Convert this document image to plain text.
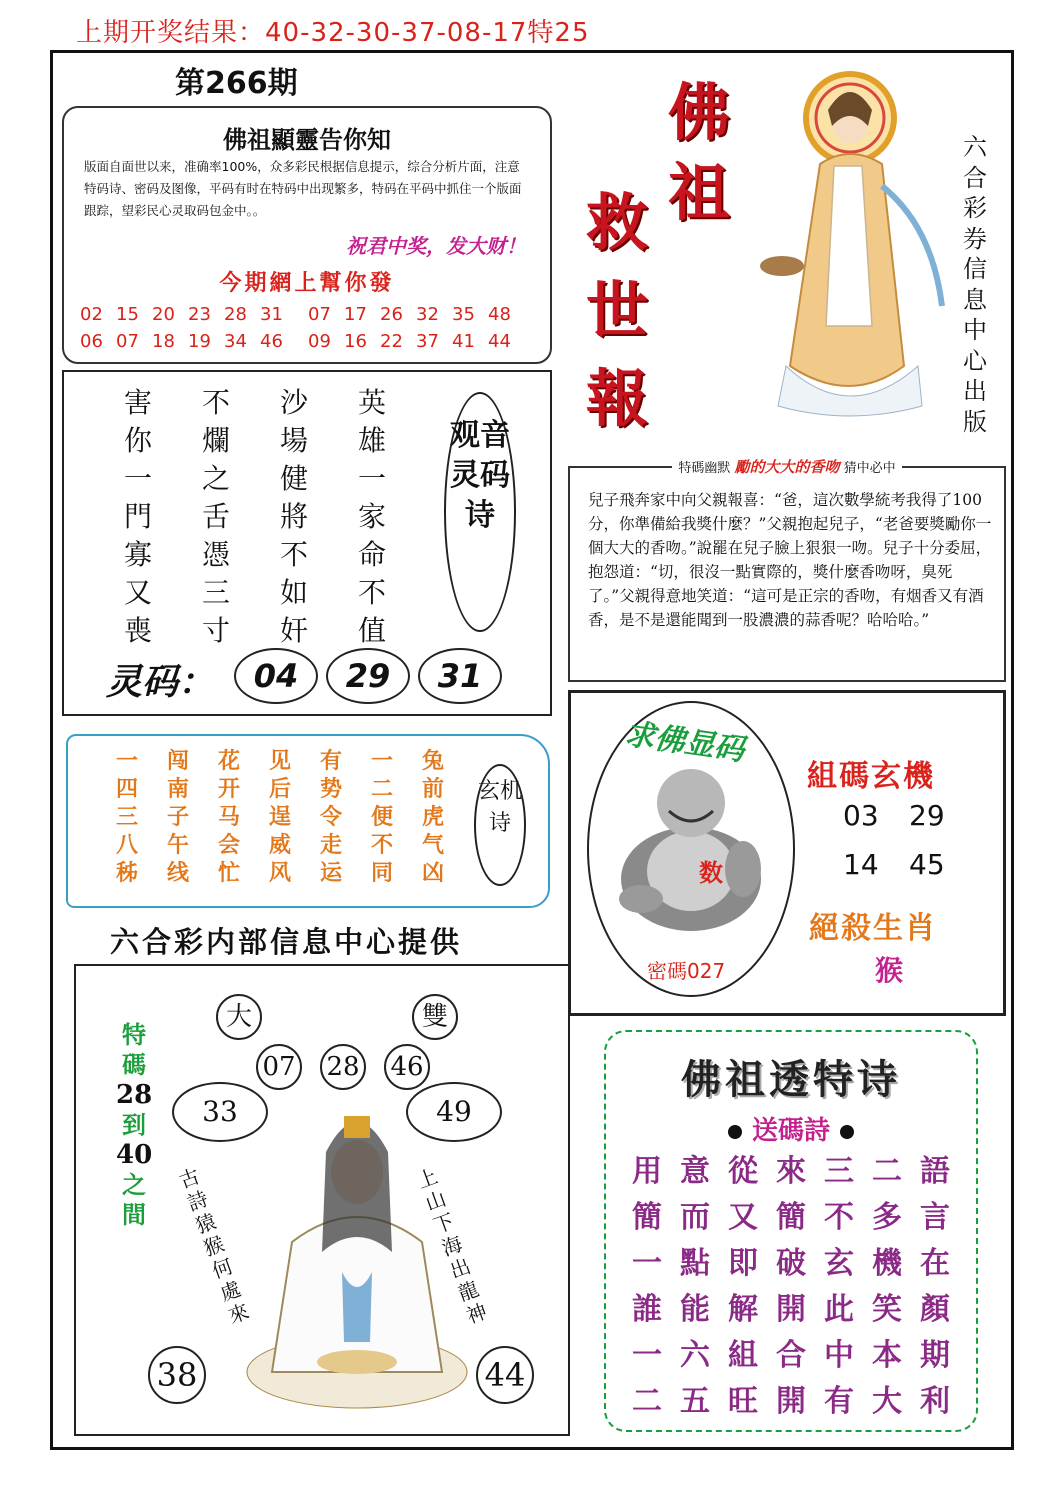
上期开奖结果：40-32-30-37-08-17特25
第266期
佛祖顯靈告你知
版面自面世以来，准确率100%，众多彩民根据信息提示，综合分析片面，注意特码诗、密码及图像，平码有时在特码中出现繁多，特码在平码中抓住一个版面跟踪，望彩民心灵取码包金中。。
祝君中奖，发大财！
今期網上幫你發
02 15 20 23 28 31	07 17 26 32 35 48
06 07 18 19 34 46	09 16 22 37 41 44
佛
祖
救
世
報
六合彩券信息中心出版
害	不	沙	英
你	爛	場	雄
一	之	健	一
門	舌	將	家
寡	憑	不	命
又	三	如	不
喪	寸	奸	值
观音灵码诗
灵码：	04	29	31
特碼幽默 勵的大大的香吻 猜中必中
兒子飛奔家中向父親報喜：“爸，這次數學統考我得了100分，你準備給我獎什麼？”父親抱起兒子，“老爸要獎勵你一個大大的香吻。”說罷在兒子臉上狠狠一吻。兒子十分委屈，抱怨道：“切，很沒一點實際的，獎什麼香吻呀，臭死了。”父親得意地笑道：“這可是正宗的香吻，有烟香又有酒香，是不是還能聞到一股濃濃的蒜香呢？哈哈哈。”
一	闯	花	见	有	一	兔
四	南	开	后	势	二	前
三	子	马	逞	令	便	虎
八	午	会	威	走	不	气
秭	线	忙	风	运	同	凶
玄机诗
六合彩内部信息中心提供
求佛显码
数
密碼027
組碼玄機
03	29
14	45
絕殺生肖
猴
大	雙
07 28 46
33	49
特
碼
28
到
40
之
間
古詩猿猴何處來
上山下海出龍神
38	44
佛祖透特诗
送碼詩
用 意 從 來 三 二 語
簡 而 又 簡 不 多 言
一 點 即 破 玄 機 在
誰 能 解 開 此 笑 顏
一 六 組 合 中 本 期
二 五 旺 開 有 大 利
